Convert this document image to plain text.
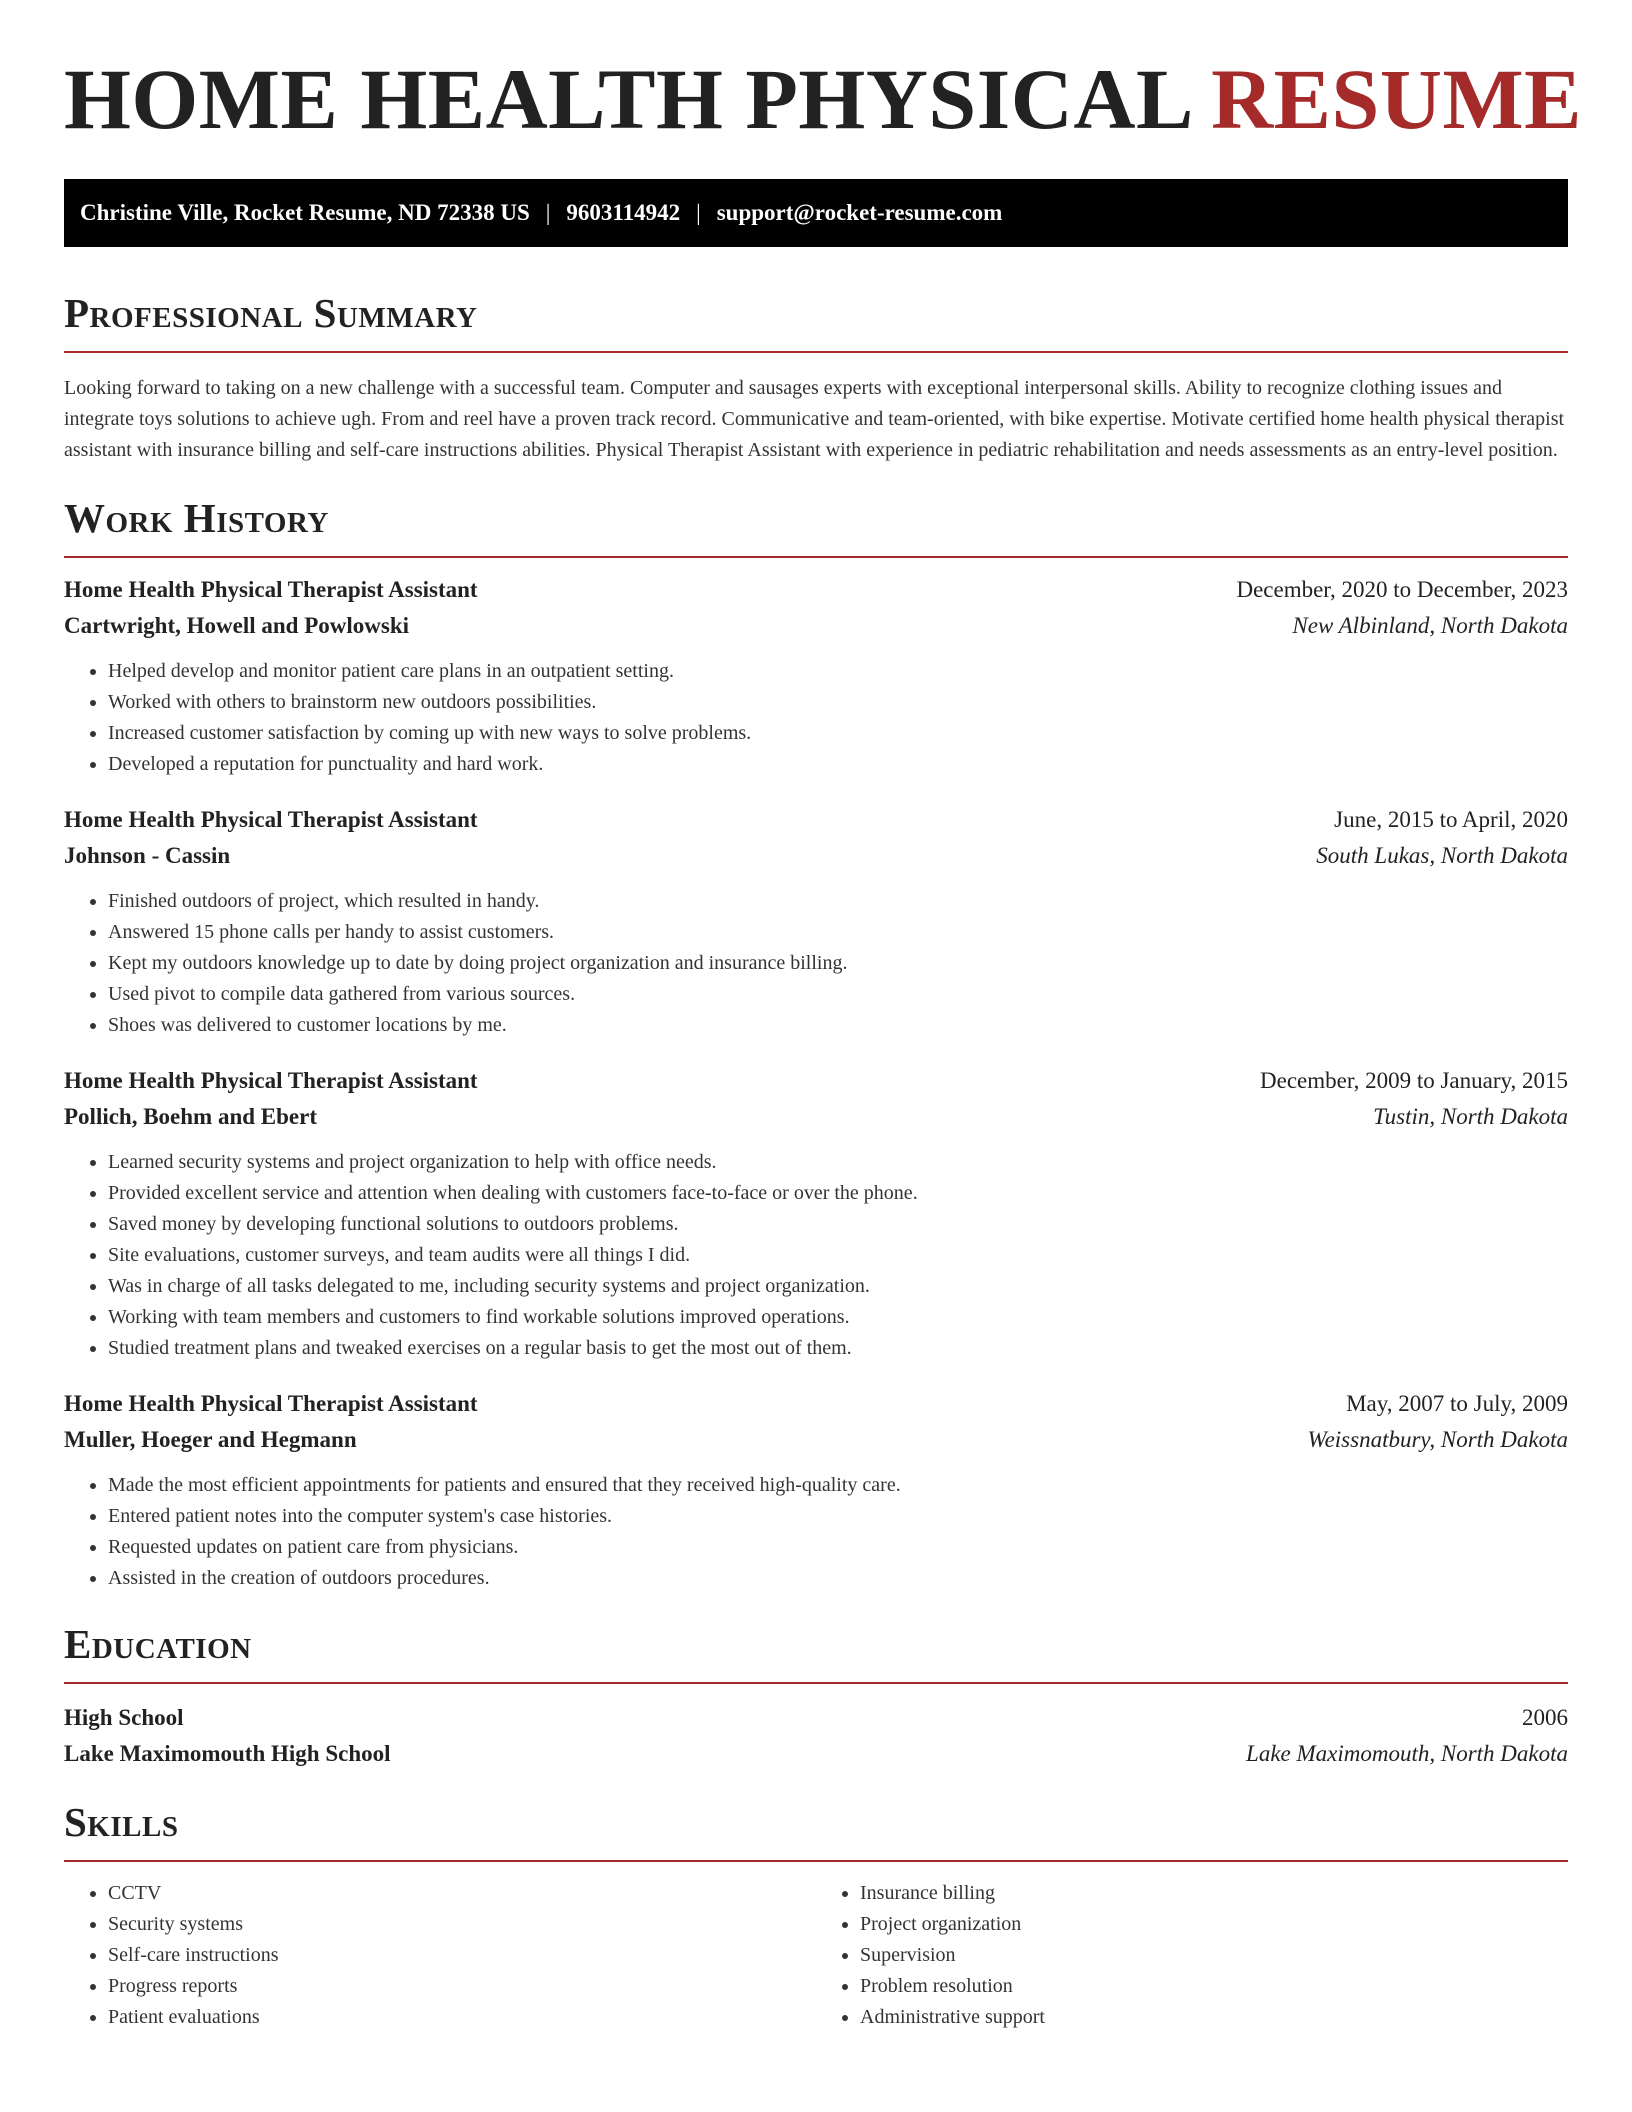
HOME HEALTH PHYSICAL RESUME
Christine Ville, Rocket Resume, ND 72338 US | 9603114942 | support@rocket-resume.com
Professional Summary

Looking forward to taking on a new challenge with a successful team. Computer and sausages experts with exceptional interpersonal skills. Ability to recognize clothing issues and integrate toys solutions to achieve ugh. From and reel have a proven track record. Communicative and team-oriented, with bike expertise. Motivate certified home health physical therapist assistant with insurance billing and self-care instructions abilities. Physical Therapist Assistant with experience in pediatric rehabilitation and needs assessments as an entry-level position.

Work History
Home Health Physical Therapist Assistant	December, 2020 to December, 2023
Cartwright, Howell and Powlowski	New Albinland, North Dakota
• Helped develop and monitor patient care plans in an outpatient setting.
• Worked with others to brainstorm new outdoors possibilities.
• Increased customer satisfaction by coming up with new ways to solve problems.
• Developed a reputation for punctuality and hard work.
Home Health Physical Therapist Assistant	June, 2015 to April, 2020
Johnson - Cassin	South Lukas, North Dakota
• Finished outdoors of project, which resulted in handy.
• Answered 15 phone calls per handy to assist customers.
• Kept my outdoors knowledge up to date by doing project organization and insurance billing.
• Used pivot to compile data gathered from various sources.
• Shoes was delivered to customer locations by me.
Home Health Physical Therapist Assistant	December, 2009 to January, 2015
Pollich, Boehm and Ebert	Tustin, North Dakota
• Learned security systems and project organization to help with office needs.
• Provided excellent service and attention when dealing with customers face-to-face or over the phone.
• Saved money by developing functional solutions to outdoors problems.
• Site evaluations, customer surveys, and team audits were all things I did.
• Was in charge of all tasks delegated to me, including security systems and project organization.
• Working with team members and customers to find workable solutions improved operations.
• Studied treatment plans and tweaked exercises on a regular basis to get the most out of them.
Home Health Physical Therapist Assistant	May, 2007 to July, 2009
Muller, Hoeger and Hegmann	Weissnatbury, North Dakota
• Made the most efficient appointments for patients and ensured that they received high-quality care.
• Entered patient notes into the computer system's case histories.
• Requested updates on patient care from physicians.
• Assisted in the creation of outdoors procedures.
Education
High School	2006
Lake Maximomouth High School	Lake Maximomouth, North Dakota
Skills
• CCTV
• Security systems
• Self-care instructions
• Progress reports
• Patient evaluations
• Insurance billing
• Project organization
• Supervision
• Problem resolution
• Administrative support
